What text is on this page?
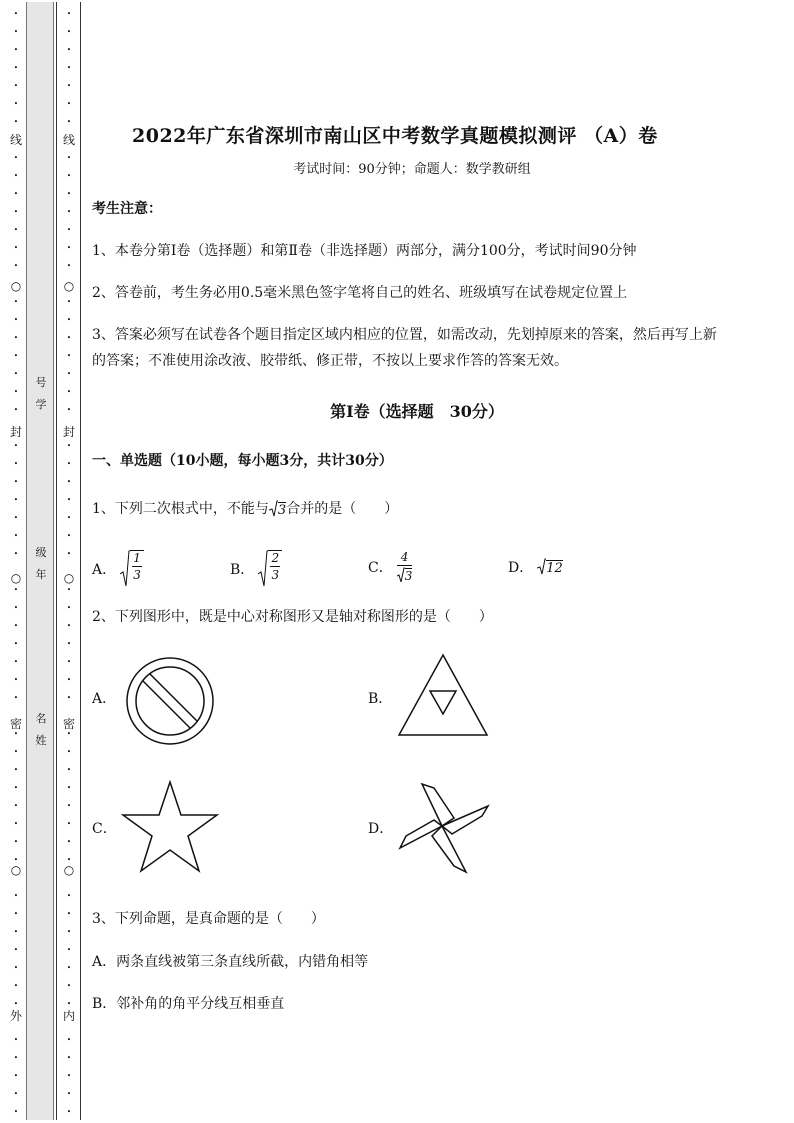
•
•
•
•
•
•
•
•
•
•
•
•
•
•
•
•
•
•
•
•
•
•
•
•
•
•
•
•
•
•
•
•
•
•
•
•
•
•
•
•
•
•
•
•
•
•
•
•
•
•
•
•
•
•
•
线
○
封
○
密
○
外
号
学
级
年
名
姓
•
•
•
•
•
•
•
•
•
•
•
•
•
•
•
•
•
•
•
•
•
•
•
•
•
•
•
•
•
•
•
•
•
•
•
•
•
•
•
•
•
•
•
•
•
•
•
•
•
•
•
•
•
•
•
线
○
封
○
密
○
内
2022年广东省深圳市南山区中考数学真题模拟测评 （A）卷
考试时间：90分钟；命题人：数学教研组
考生注意：
1、本卷分第Ⅰ卷（选择题）和第Ⅱ卷（非选择题）两部分，满分100分，考试时间90分钟
2、答卷前，考生务必用0.5毫米黑色签字笔将自己的姓名、班级填写在试卷规定位置上
3、答案必须写在试卷各个题目指定区域内相应的位置，如需改动，先划掉原来的答案，然后再写上新
的答案；不准使用涂改液、胶带纸、修正带，不按以上要求作答的答案无效。
第Ⅰ卷（选择题　30分）
一、单选题（10小题，每小题3分，共计30分）
1、下列二次根式中，不能与 3 合并的是（　　）
A． $\frac{1}{3}$	B． $\frac{2}{3}$	C． $\frac{4}{3}$	D． 12
2、下列图形中，既是中心对称图形又是轴对称图形的是（　　）
A．	B．
C．	D．
3、下列命题，是真命题的是（　　）
A．两条直线被第三条直线所截，内错角相等
B．邻补角的角平分线互相垂直
